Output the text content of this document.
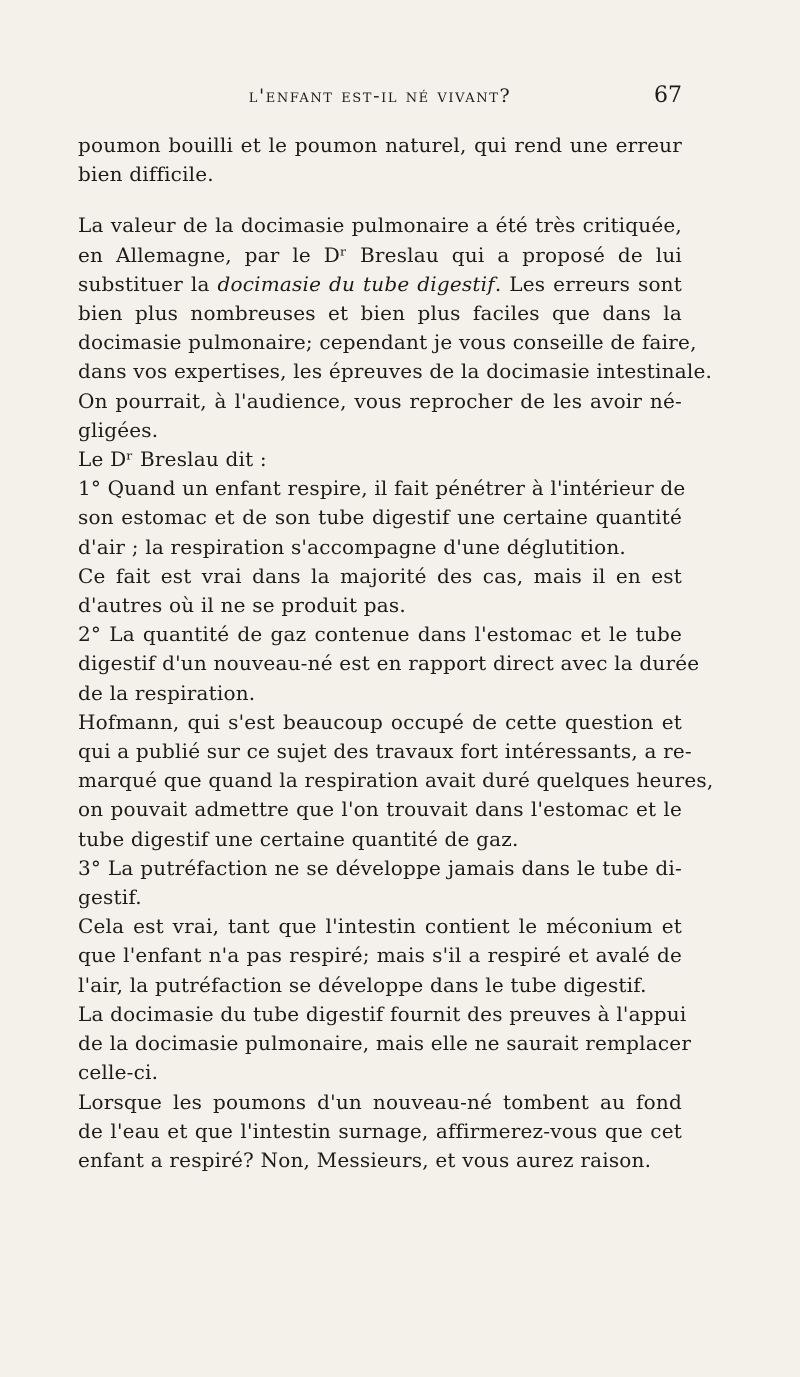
l'enfant est-il né vivant?	67
poumon bouilli et le poumon naturel, qui rend une erreur
bien difficile.
La valeur de la docimasie pulmonaire a été très critiquée,
en Allemagne, par le Dʳ Breslau qui a proposé de lui
substituer la docimasie du tube digestif. Les erreurs sont
bien plus nombreuses et bien plus faciles que dans la
docimasie pulmonaire; cependant je vous conseille de faire,
dans vos expertises, les épreuves de la docimasie intestinale.
On pourrait, à l'audience, vous reprocher de les avoir né-
gligées.
Le Dʳ Breslau dit :
1° Quand un enfant respire, il fait pénétrer à l'intérieur de
son estomac et de son tube digestif une certaine quantité
d'air ; la respiration s'accompagne d'une déglutition.
Ce fait est vrai dans la majorité des cas, mais il en est
d'autres où il ne se produit pas.
2° La quantité de gaz contenue dans l'estomac et le tube
digestif d'un nouveau-né est en rapport direct avec la durée
de la respiration.
Hofmann, qui s'est beaucoup occupé de cette question et
qui a publié sur ce sujet des travaux fort intéressants, a re-
marqué que quand la respiration avait duré quelques heures,
on pouvait admettre que l'on trouvait dans l'estomac et le
tube digestif une certaine quantité de gaz.
3° La putréfaction ne se développe jamais dans le tube di-
gestif.
Cela est vrai, tant que l'intestin contient le méconium et
que l'enfant n'a pas respiré; mais s'il a respiré et avalé de
l'air, la putréfaction se développe dans le tube digestif.
La docimasie du tube digestif fournit des preuves à l'appui
de la docimasie pulmonaire, mais elle ne saurait remplacer
celle-ci.
Lorsque les poumons d'un nouveau-né tombent au fond
de l'eau et que l'intestin surnage, affirmerez-vous que cet
enfant a respiré? Non, Messieurs, et vous aurez raison.
